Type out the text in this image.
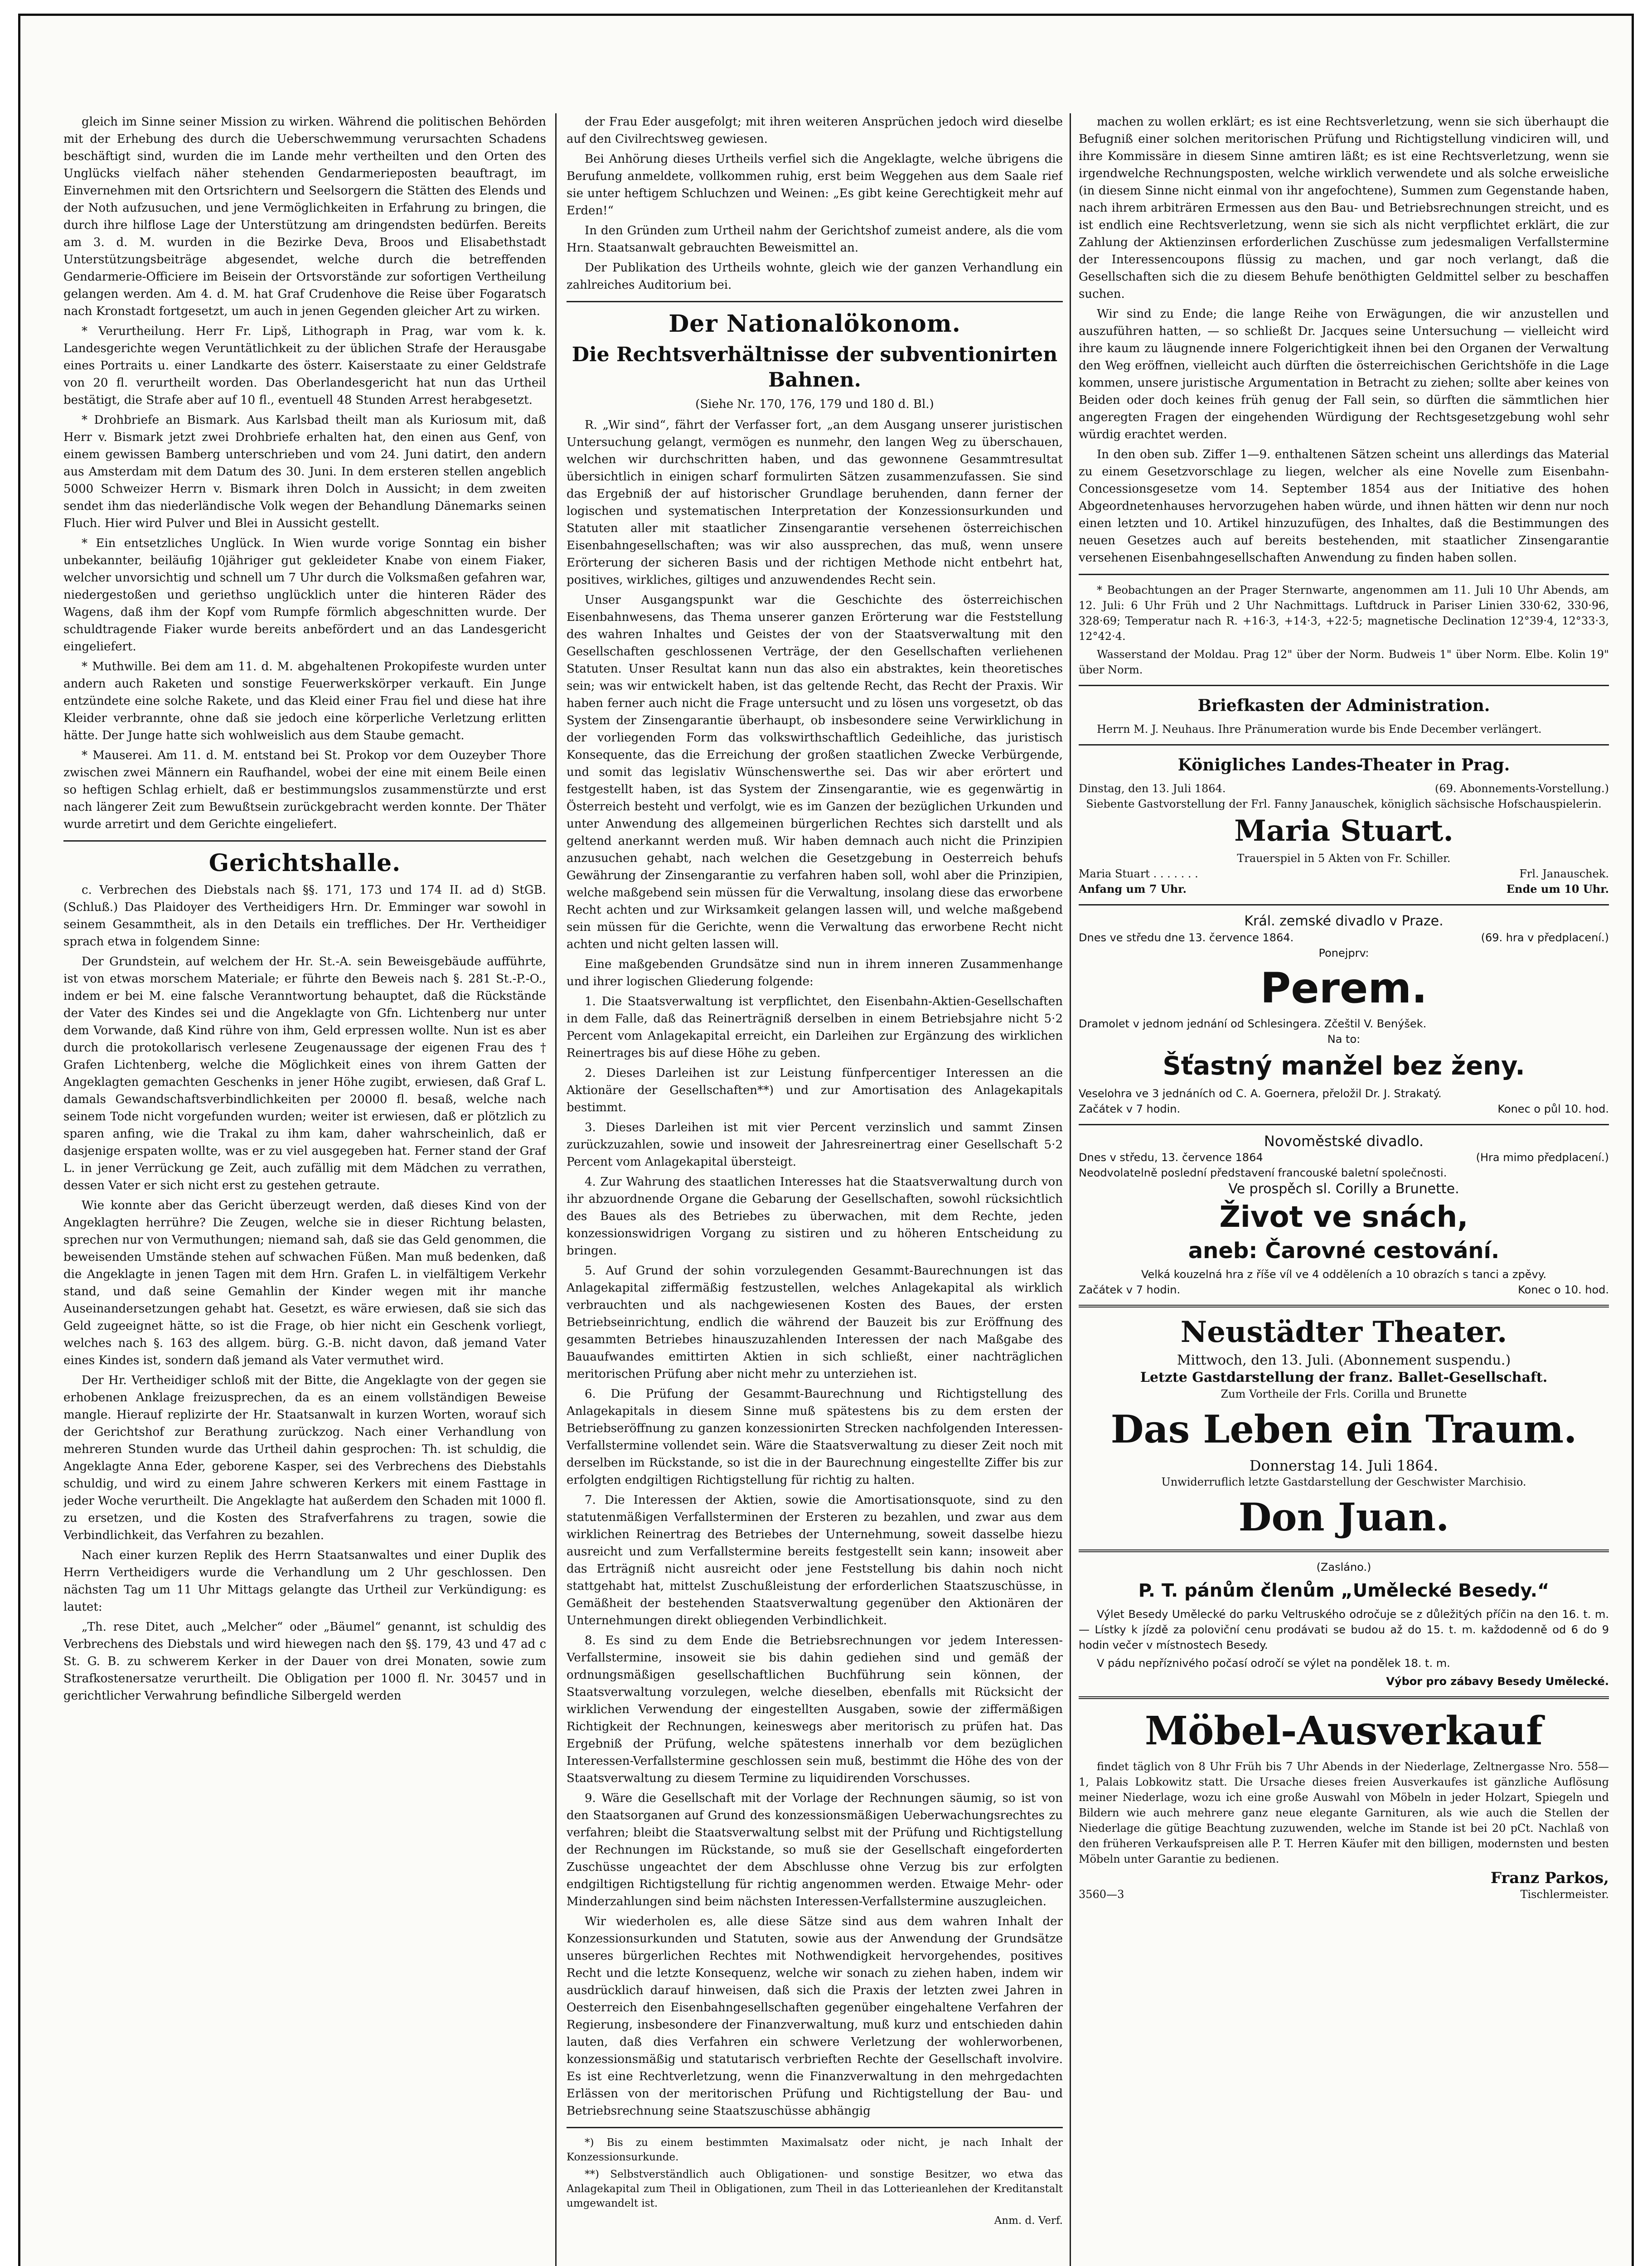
gleich im Sinne seiner Mission zu wirken. Während die politischen Behörden mit der Erhebung des durch die Ueberschwemmung verursachten Schadens beschäftigt sind, wurden die im Lande mehr vertheilten und den Orten des Unglücks vielfach näher stehenden Gendarmerieposten beauftragt, im Einvernehmen mit den Ortsrichtern und Seelsorgern die Stätten des Elends und der Noth aufzusuchen, und jene Vermöglichkeiten in Erfahrung zu bringen, die durch ihre hilflose Lage der Unterstützung am dringendsten bedürfen. Bereits am 3. d. M. wurden in die Bezirke Deva, Broos und Elisabethstadt Unterstützungsbeiträge abgesendet, welche durch die betreffenden Gendarmerie-Officiere im Beisein der Ortsvorstände zur sofortigen Vertheilung gelangen werden. Am 4. d. M. hat Graf Crudenhove die Reise über Fogaratsch nach Kronstadt fortgesetzt, um auch in jenen Gegenden gleicher Art zu wirken.

* Verurtheilung. Herr Fr. Lipš, Lithograph in Prag, war vom k. k. Landesgerichte wegen Veruntätlichkeit zu der üblichen Strafe der Herausgabe eines Portraits u. einer Landkarte des österr. Kaiserstaate zu einer Geldstrafe von 20 fl. verurtheilt worden. Das Oberlandesgericht hat nun das Urtheil bestätigt, die Strafe aber auf 10 fl., eventuell 48 Stunden Arrest herabgesetzt.

* Drohbriefe an Bismark. Aus Karlsbad theilt man als Kuriosum mit, daß Herr v. Bismark jetzt zwei Drohbriefe erhalten hat, den einen aus Genf, von einem gewissen Bamberg unterschrieben und vom 24. Juni datirt, den andern aus Amsterdam mit dem Datum des 30. Juni. In dem ersteren stellen angeblich 5000 Schweizer Herrn v. Bismark ihren Dolch in Aussicht; in dem zweiten sendet ihm das niederländische Volk wegen der Behandlung Dänemarks seinen Fluch. Hier wird Pulver und Blei in Aussicht gestellt.

* Ein entsetzliches Unglück. In Wien wurde vorige Sonntag ein bisher unbekannter, beiläufig 10jähriger gut gekleideter Knabe von einem Fiaker, welcher unvorsichtig und schnell um 7 Uhr durch die Volksmaßen gefahren war, niedergestoßen und geriethso unglücklich unter die hinteren Räder des Wagens, daß ihm der Kopf vom Rumpfe förmlich abgeschnitten wurde. Der schuldtragende Fiaker wurde bereits anbefördert und an das Landesgericht eingeliefert.

* Muthwille. Bei dem am 11. d. M. abgehaltenen Prokopifeste wurden unter andern auch Raketen und sonstige Feuerwerkskörper verkauft. Ein Junge entzündete eine solche Rakete, und das Kleid einer Frau fiel und diese hat ihre Kleider verbrannte, ohne daß sie jedoch eine körperliche Verletzung erlitten hätte. Der Junge hatte sich wohlweislich aus dem Staube gemacht.

* Mauserei. Am 11. d. M. entstand bei St. Prokop vor dem Ouzeyber Thore zwischen zwei Männern ein Raufhandel, wobei der eine mit einem Beile einen so heftigen Schlag erhielt, daß er bestimmungslos zusammenstürzte und erst nach längerer Zeit zum Bewußtsein zurückgebracht werden konnte. Der Thäter wurde arretirt und dem Gerichte eingeliefert.

Gerichtshalle.

c. Verbrechen des Diebstals nach §§. 171, 173 und 174 II. ad d) StGB. (Schluß.) Das Plaidoyer des Vertheidigers Hrn. Dr. Emminger war sowohl in seinem Gesammtheit, als in den Details ein treffliches. Der Hr. Vertheidiger sprach etwa in folgendem Sinne:

Der Grundstein, auf welchem der Hr. St.-A. sein Beweisgebäude aufführte, ist von etwas morschem Materiale; er führte den Beweis nach §. 281 St.-P.-O., indem er bei M. eine falsche Veranntwortung behauptet, daß die Rückstände der Vater des Kindes sei und die Angeklagte von Gfn. Lichtenberg nur unter dem Vorwande, daß Kind rühre von ihm, Geld erpressen wollte. Nun ist es aber durch die protokollarisch verlesene Zeugenaussage der eigenen Frau des † Grafen Lichtenberg, welche die Möglichkeit eines von ihrem Gatten der Angeklagten gemachten Geschenks in jener Höhe zugibt, erwiesen, daß Graf L. damals Gewandschaftsverbindlichkeiten per 20000 fl. besaß, welche nach seinem Tode nicht vorgefunden wurden; weiter ist erwiesen, daß er plötzlich zu sparen anfing, wie die Trakal zu ihm kam, daher wahrscheinlich, daß er dasjenige erspaten wollte, was er zu viel ausgegeben hat. Ferner stand der Graf L. in jener Verrückung ge Zeit, auch zufällig mit dem Mädchen zu verrathen, dessen Vater er sich nicht erst zu gestehen getraute.

Wie konnte aber das Gericht überzeugt werden, daß dieses Kind von der Angeklagten herrühre? Die Zeugen, welche sie in dieser Richtung belasten, sprechen nur von Vermuthungen; niemand sah, daß sie das Geld genommen, die beweisenden Umstände stehen auf schwachen Füßen. Man muß bedenken, daß die Angeklagte in jenen Tagen mit dem Hrn. Grafen L. in vielfältigem Verkehr stand, und daß seine Gemahlin der Kinder wegen mit ihr manche Auseinandersetzungen gehabt hat. Gesetzt, es wäre erwiesen, daß sie sich das Geld zugeeignet hätte, so ist die Frage, ob hier nicht ein Geschenk vorliegt, welches nach §. 163 des allgem. bürg. G.-B. nicht davon, daß jemand Vater eines Kindes ist, sondern daß jemand als Vater vermuthet wird.

Der Hr. Vertheidiger schloß mit der Bitte, die Angeklagte von der gegen sie erhobenen Anklage freizusprechen, da es an einem vollständigen Beweise mangle. Hierauf replizirte der Hr. Staatsanwalt in kurzen Worten, worauf sich der Gerichtshof zur Berathung zurückzog. Nach einer Verhandlung von mehreren Stunden wurde das Urtheil dahin gesprochen: Th. ist schuldig, die Angeklagte Anna Eder, geborene Kasper, sei des Verbrechens des Diebstahls schuldig, und wird zu einem Jahre schweren Kerkers mit einem Fasttage in jeder Woche verurtheilt. Die Angeklagte hat außerdem den Schaden mit 1000 fl. zu ersetzen, und die Kosten des Strafverfahrens zu tragen, sowie die Verbindlichkeit, das Verfahren zu bezahlen.

Nach einer kurzen Replik des Herrn Staatsanwaltes und einer Duplik des Herrn Vertheidigers wurde die Verhandlung um 2 Uhr geschlossen. Den nächsten Tag um 11 Uhr Mittags gelangte das Urtheil zur Verkündigung: es lautet:

„Th. rese Ditet, auch „Melcher“ oder „Bäumel“ genannt, ist schuldig des Verbrechens des Diebstals und wird hiewegen nach den §§. 179, 43 und 47 ad c St. G. B. zu schwerem Kerker in der Dauer von drei Monaten, sowie zum Strafkostenersatze verurtheilt. Die Obligation per 1000 fl. Nr. 30457 und in gerichtlicher Verwahrung befindliche Silbergeld werden

der Frau Eder ausgefolgt; mit ihren weiteren Ansprüchen jedoch wird dieselbe auf den Civilrechtsweg gewiesen.

Bei Anhörung dieses Urtheils verfiel sich die Angeklagte, welche übrigens die Berufung anmeldete, vollkommen ruhig, erst beim Weggehen aus dem Saale rief sie unter heftigem Schluchzen und Weinen: „Es gibt keine Gerechtigkeit mehr auf Erden!“

In den Gründen zum Urtheil nahm der Gerichtshof zumeist andere, als die vom Hrn. Staatsanwalt gebrauchten Beweismittel an.

Der Publikation des Urtheils wohnte, gleich wie der ganzen Verhandlung ein zahlreiches Auditorium bei.

Der Nationalökonom.
Die Rechtsverhältnisse der subventionirten Bahnen.
(Siehe Nr. 170, 176, 179 und 180 d. Bl.)

R. „Wir sind“, fährt der Verfasser fort, „an dem Ausgang unserer juristischen Untersuchung gelangt, vermögen es nunmehr, den langen Weg zu überschauen, welchen wir durchschritten haben, und das gewonnene Gesammtresultat übersichtlich in einigen scharf formulirten Sätzen zusammenzufassen. Sie sind das Ergebniß der auf historischer Grundlage beruhenden, dann ferner der logischen und systematischen Interpretation der Konzessionsurkunden und Statuten aller mit staatlicher Zinsengarantie versehenen österreichischen Eisenbahngesellschaften; was wir also aussprechen, das muß, wenn unsere Erörterung der sicheren Basis und der richtigen Methode nicht entbehrt hat, positives, wirkliches, giltiges und anzuwendendes Recht sein.

Unser Ausgangspunkt war die Geschichte des österreichischen Eisenbahnwesens, das Thema unserer ganzen Erörterung war die Feststellung des wahren Inhaltes und Geistes der von der Staatsverwaltung mit den Gesellschaften geschlossenen Verträge, der den Gesellschaften verliehenen Statuten. Unser Resultat kann nun das also ein abstraktes, kein theoretisches sein; was wir entwickelt haben, ist das geltende Recht, das Recht der Praxis. Wir haben ferner auch nicht die Frage untersucht und zu lösen uns vorgesetzt, ob das System der Zinsengarantie überhaupt, ob insbesondere seine Verwirklichung in der vorliegenden Form das volkswirthschaftlich Gedeihliche, das juristisch Konsequente, das die Erreichung der großen staatlichen Zwecke Verbürgende, und somit das legislativ Wünschenswerthe sei. Das wir aber erörtert und festgestellt haben, ist das System der Zinsengarantie, wie es gegenwärtig in Österreich besteht und verfolgt, wie es im Ganzen der bezüglichen Urkunden und unter Anwendung des allgemeinen bürgerlichen Rechtes sich darstellt und als geltend anerkannt werden muß. Wir haben demnach auch nicht die Prinzipien anzusuchen gehabt, nach welchen die Gesetzgebung in Oesterreich behufs Gewährung der Zinsengarantie zu verfahren haben soll, wohl aber die Prinzipien, welche maßgebend sein müssen für die Verwaltung, insolang diese das erworbene Recht achten und zur Wirksamkeit gelangen lassen will, und welche maßgebend sein müssen für die Gerichte, wenn die Verwaltung das erworbene Recht nicht achten und nicht gelten lassen will.

Eine maßgebenden Grundsätze sind nun in ihrem inneren Zusammenhange und ihrer logischen Gliederung folgende:

1. Die Staatsverwaltung ist verpflichtet, den Eisenbahn-Aktien-Gesellschaften in dem Falle, daß das Reinerträgniß derselben in einem Betriebsjahre nicht 5·2 Percent vom Anlagekapital erreicht, ein Darleihen zur Ergänzung des wirklichen Reinertrages bis auf diese Höhe zu geben.

2. Dieses Darleihen ist zur Leistung fünfpercentiger Interessen an die Aktionäre der Gesellschaften**) und zur Amortisation des Anlagekapitals bestimmt.

3. Dieses Darleihen ist mit vier Percent verzinslich und sammt Zinsen zurückzuzahlen, sowie und insoweit der Jahresreinertrag einer Gesellschaft 5·2 Percent vom Anlagekapital übersteigt.

4. Zur Wahrung des staatlichen Interesses hat die Staatsverwaltung durch von ihr abzuordnende Organe die Gebarung der Gesellschaften, sowohl rücksichtlich des Baues als des Betriebes zu überwachen, mit dem Rechte, jeden konzessionswidrigen Vorgang zu sistiren und zu höheren Entscheidung zu bringen.

5. Auf Grund der sohin vorzulegenden Gesammt-Baurechnungen ist das Anlagekapital ziffermäßig festzustellen, welches Anlagekapital als wirklich verbrauchten und als nachgewiesenen Kosten des Baues, der ersten Betriebseinrichtung, endlich die während der Bauzeit bis zur Eröffnung des gesammten Betriebes hinauszuzahlenden Interessen der nach Maßgabe des Bauaufwandes emittirten Aktien in sich schließt, einer nachträglichen meritorischen Prüfung aber nicht mehr zu unterziehen ist.

6. Die Prüfung der Gesammt-Baurechnung und Richtigstellung des Anlagekapitals in diesem Sinne muß spätestens bis zu dem ersten der Betriebseröffnung zu ganzen konzessionirten Strecken nachfolgenden Interessen-Verfallstermine vollendet sein. Wäre die Staatsverwaltung zu dieser Zeit noch mit derselben im Rückstande, so ist die in der Baurechnung eingestellte Ziffer bis zur erfolgten endgiltigen Richtigstellung für richtig zu halten.

7. Die Interessen der Aktien, sowie die Amortisationsquote, sind zu den statutenmäßigen Verfallsterminen der Ersteren zu bezahlen, und zwar aus dem wirklichen Reinertrag des Betriebes der Unternehmung, soweit dasselbe hiezu ausreicht und zum Verfallstermine bereits festgestellt sein kann; insoweit aber das Erträgniß nicht ausreicht oder jene Feststellung bis dahin noch nicht stattgehabt hat, mittelst Zuschußleistung der erforderlichen Staatszuschüsse, in Gemäßheit der bestehenden Staatsverwaltung gegenüber den Aktionären der Unternehmungen direkt obliegenden Verbindlichkeit.

8. Es sind zu dem Ende die Betriebsrechnungen vor jedem Interessen-Verfallstermine, insoweit sie bis dahin gediehen sind und gemäß der ordnungsmäßigen gesellschaftlichen Buchführung sein können, der Staatsverwaltung vorzulegen, welche dieselben, ebenfalls mit Rücksicht der wirklichen Verwendung der eingestellten Ausgaben, sowie der ziffermäßigen Richtigkeit der Rechnungen, keineswegs aber meritorisch zu prüfen hat. Das Ergebniß der Prüfung, welche spätestens innerhalb vor dem bezüglichen Interessen-Verfallstermine geschlossen sein muß, bestimmt die Höhe des von der Staatsverwaltung zu diesem Termine zu liquidirenden Vorschusses.

9. Wäre die Gesellschaft mit der Vorlage der Rechnungen säumig, so ist von den Staatsorganen auf Grund des konzessionsmäßigen Ueberwachungsrechtes zu verfahren; bleibt die Staatsverwaltung selbst mit der Prüfung und Richtigstellung der Rechnungen im Rückstande, so muß sie der Gesellschaft eingeforderten Zuschüsse ungeachtet der dem Abschlusse ohne Verzug bis zur erfolgten endgiltigen Richtigstellung für richtig angenommen werden. Etwaige Mehr- oder Minderzahlungen sind beim nächsten Interessen-Verfallstermine auszugleichen.

Wir wiederholen es, alle diese Sätze sind aus dem wahren Inhalt der Konzessionsurkunden und Statuten, sowie aus der Anwendung der Grundsätze unseres bürgerlichen Rechtes mit Nothwendigkeit hervorgehendes, positives Recht und die letzte Konsequenz, welche wir sonach zu ziehen haben, indem wir ausdrücklich darauf hinweisen, daß sich die Praxis der letzten zwei Jahren in Oesterreich den Eisenbahngesellschaften gegenüber eingehaltene Verfahren der Regierung, insbesondere der Finanzverwaltung, muß kurz und entschieden dahin lauten, daß dies Verfahren ein schwere Verletzung der wohlerworbenen, konzessionsmäßig und statutarisch verbrieften Rechte der Gesellschaft involvire. Es ist eine Rechtverletzung, wenn die Finanzverwaltung in den mehrgedachten Erlässen von der meritorischen Prüfung und Richtigstellung der Bau- und Betriebsrechnung seine Staatszuschüsse abhängig

*) Bis zu einem bestimmten Maximalsatz oder nicht, je nach Inhalt der Konzessionsurkunde.

**) Selbstverständlich auch Obligationen- und sonstige Besitzer, wo etwa das Anlagekapital zum Theil in Obligationen, zum Theil in das Lotterieanlehen der Kreditanstalt umgewandelt ist.

Anm. d. Verf.

machen zu wollen erklärt; es ist eine Rechtsverletzung, wenn sie sich überhaupt die Befugniß einer solchen meritorischen Prüfung und Richtigstellung vindiciren will, und ihre Kommissäre in diesem Sinne amtiren läßt; es ist eine Rechtsverletzung, wenn sie irgendwelche Rechnungsposten, welche wirklich verwendete und als solche erweisliche (in diesem Sinne nicht einmal von ihr angefochtene), Summen zum Gegenstande haben, nach ihrem arbiträren Ermessen aus den Bau- und Betriebsrechnungen streicht, und es ist endlich eine Rechtsverletzung, wenn sie sich als nicht verpflichtet erklärt, die zur Zahlung der Aktienzinsen erforderlichen Zuschüsse zum jedesmaligen Verfallstermine der Interessencoupons flüssig zu machen, und gar noch verlangt, daß die Gesellschaften sich die zu diesem Behufe benöthigten Geldmittel selber zu beschaffen suchen.

Wir sind zu Ende; die lange Reihe von Erwägungen, die wir anzustellen und auszuführen hatten, — so schließt Dr. Jacques seine Untersuchung — vielleicht wird ihre kaum zu läugnende innere Folgerichtigkeit ihnen bei den Organen der Verwaltung den Weg eröffnen, vielleicht auch dürften die österreichischen Gerichtshöfe in die Lage kommen, unsere juristische Argumentation in Betracht zu ziehen; sollte aber keines von Beiden oder doch keines früh genug der Fall sein, so dürften die sämmtlichen hier angeregten Fragen der eingehenden Würdigung der Rechtsgesetzgebung wohl sehr würdig erachtet werden.

In den oben sub. Ziffer 1—9. enthaltenen Sätzen scheint uns allerdings das Material zu einem Gesetzvorschlage zu liegen, welcher als eine Novelle zum Eisenbahn-Concessionsgesetze vom 14. September 1854 aus der Initiative des hohen Abgeordnetenhauses hervorzugehen haben würde, und ihnen hätten wir denn nur noch einen letzten und 10. Artikel hinzuzufügen, des Inhaltes, daß die Bestimmungen des neuen Gesetzes auch auf bereits bestehenden, mit staatlicher Zinsengarantie versehenen Eisenbahngesellschaften Anwendung zu finden haben sollen.

* Beobachtungen an der Prager Sternwarte, angenommen am 11. Juli 10 Uhr Abends, am 12. Juli: 6 Uhr Früh und 2 Uhr Nachmittags. Luftdruck in Pariser Linien 330·62, 330·96, 328·69; Temperatur nach R. +16·3, +14·3, +22·5; magnetische Declination 12°39·4, 12°33·3, 12°42·4.

Wasserstand der Moldau. Prag 12" über der Norm. Budweis 1" über Norm. Elbe. Kolin 19" über Norm.

Briefkasten der Administration.

Herrn M. J. Neuhaus. Ihre Pränumeration wurde bis Ende December verlängert.

Königliches Landes-Theater in Prag.
Dinstag, den 13. Juli 1864.	(69. Abonnements-Vorstellung.)
Siebente Gastvorstellung der Frl. Fanny Janauschek, königlich sächsische Hofschauspielerin.
Maria Stuart.
Trauerspiel in 5 Akten von Fr. Schiller.
Maria Stuart . . . . . . .	Frl. Janauschek.
Anfang um 7 Uhr.	Ende um 10 Uhr.
Král. zemské divadlo v Praze.
Dnes ve středu dne 13. července 1864.	(69. hra v předplacení.)
Ponejprv:
Perem.
Dramolet v jednom jednání od Schlesingera. Zčeštil V. Benýšek.
Na to:
Šťastný manžel bez ženy.
Veselohra ve 3 jednáních od C. A. Goernera, přeložil Dr. J. Strakatý.
Začátek v 7 hodin.	Konec o půl 10. hod.
Novoměstské divadlo.
Dnes v středu, 13. července 1864	(Hra mimo předplacení.)
Neodvolatelně poslední představení francouské baletní společnosti.
Ve prospěch sl. Corilly a Brunette.
Život ve snách,
aneb: Čarovné cestování.
Velká kouzelná hra z říše víl ve 4 odděleních a 10 obrazích s tanci a zpěvy.
Začátek v 7 hodin.	Konec o 10. hod.
Neustädter Theater.
Mittwoch, den 13. Juli. (Abonnement suspendu.)
Letzte Gastdarstellung der franz. Ballet-Gesellschaft.
Zum Vortheile der Frls. Corilla und Brunette
Das Leben ein Traum.
Donnerstag 14. Juli 1864.
Unwiderruflich letzte Gastdarstellung der Geschwister Marchisio.
Don Juan.
(Zasláno.)
P. T. pánům členům „Umělecké Besedy.“

Výlet Besedy Umělecké do parku Veltruského odročuje se z důležitých příčin na den 16. t. m. — Lístky k jízdě za poloviční cenu prodávati se budou až do 15. t. m. každodenně od 6 do 9 hodin večer v místnostech Besedy.

V pádu nepříznivého počasí odročí se výlet na pondělek 18. t. m.

Výbor pro zábavy Besedy Umělecké.
Möbel-Ausverkauf

findet täglich von 8 Uhr Früh bis 7 Uhr Abends in der Niederlage, Zeltnergasse Nro. 558—1, Palais Lobkowitz statt. Die Ursache dieses freien Ausverkaufes ist gänzliche Auflösung meiner Niederlage, wozu ich eine große Auswahl von Möbeln in jeder Holzart, Spiegeln und Bildern wie auch mehrere ganz neue elegante Garnituren, als wie auch die Stellen der Niederlage die gütige Beachtung zuzuwenden, welche im Stande ist bei 20 pCt. Nachlaß von den früheren Verkaufspreisen alle P. T. Herren Käufer mit den billigen, modernsten und besten Möbeln unter Garantie zu bedienen.

Franz Parkos,
3560—3	Tischlermeister.
